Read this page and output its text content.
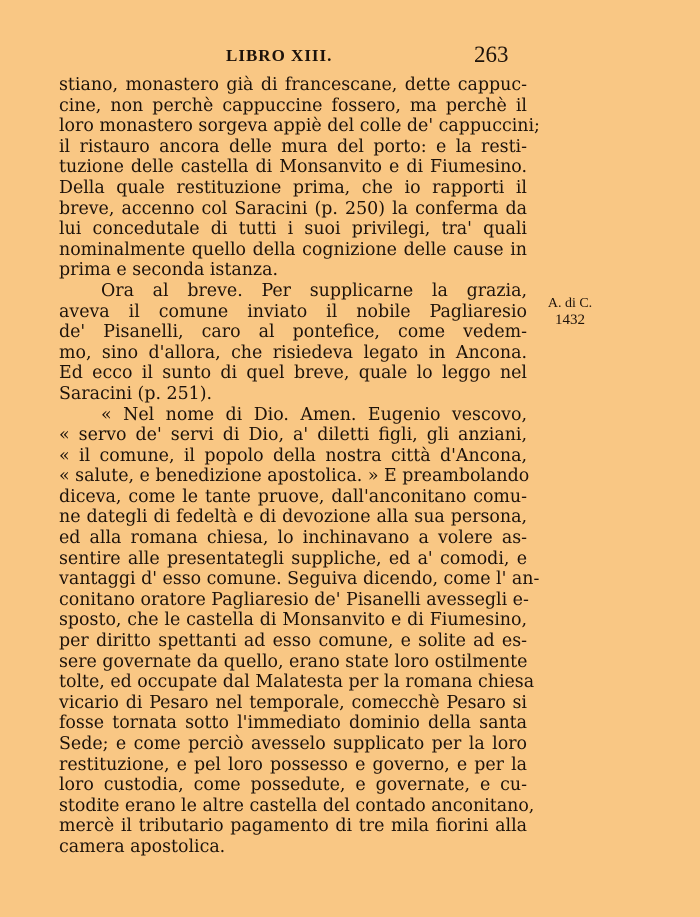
LIBRO XIII.	263
A. di C.
1432
stiano, monastero già di francescane, dette cappuc-
cine, non perchè cappuccine fossero, ma perchè il
loro monastero sorgeva appiè del colle de' cappuccini;
il ristauro ancora delle mura del porto: e la resti-
tuzione delle castella di Monsanvito e di Fiumesino.
Della quale restituzione prima, che io rapporti il
breve, accenno col Saracini (p. 250) la conferma da
lui concedutale di tutti i suoi privilegi, tra' quali
nominalmente quello della cognizione delle cause in
prima e seconda istanza.
Ora al breve. Per supplicarne la grazia,
aveva il comune inviato il nobile Pagliaresio
de' Pisanelli, caro al pontefice, come vedem-
mo, sino d'allora, che risiedeva legato in Ancona.
Ed ecco il sunto di quel breve, quale lo leggo nel
Saracini (p. 251).
« Nel nome di Dio. Amen. Eugenio vescovo,
« servo de' servi di Dio, a' diletti figli, gli anziani,
« il comune, il popolo della nostra città d'Ancona,
« salute, e benedizione apostolica. » E preambolando
diceva, come le tante pruove, dall'anconitano comu-
ne dategli di fedeltà e di devozione alla sua persona,
ed alla romana chiesa, lo inchinavano a volere as-
sentire alle presentategli suppliche, ed a' comodi, e
vantaggi d' esso comune. Seguiva dicendo, come l' an-
conitano oratore Pagliaresio de' Pisanelli avessegli e-
sposto, che le castella di Monsanvito e di Fiumesino,
per diritto spettanti ad esso comune, e solite ad es-
sere governate da quello, erano state loro ostilmente
tolte, ed occupate dal Malatesta per la romana chiesa
vicario di Pesaro nel temporale, comecchè Pesaro si
fosse tornata sotto l'immediato dominio della santa
Sede; e come perciò avesselo supplicato per la loro
restituzione, e pel loro possesso e governo, e per la
loro custodia, come possedute, e governate, e cu-
stodite erano le altre castella del contado anconitano,
mercè il tributario pagamento di tre mila fiorini alla
camera apostolica.
